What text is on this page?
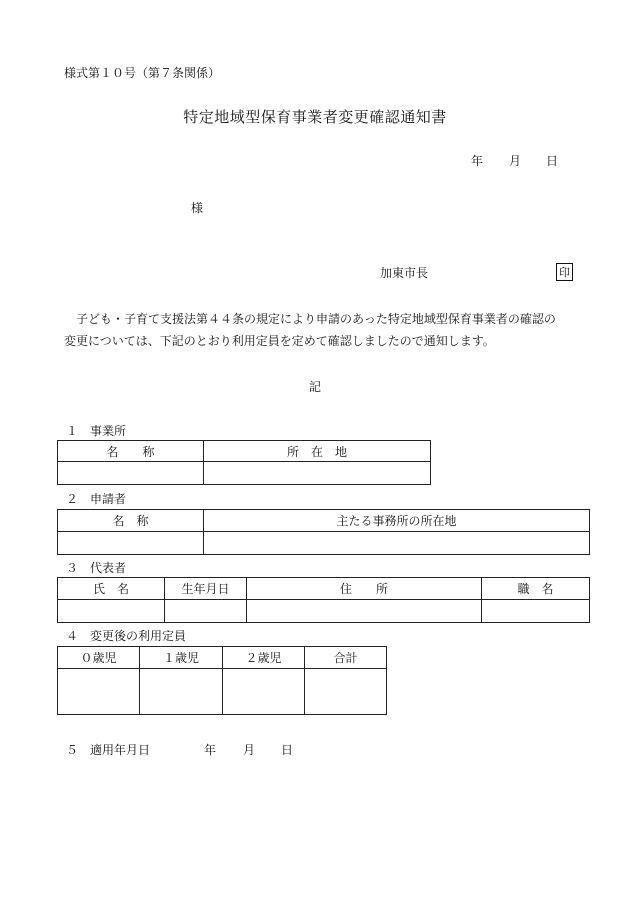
様式第１０号（第７条関係）
特定地域型保育事業者変更確認通知書
年 月 日
様
加東市長	印
子ども・子育て支援法第４４条の規定により申請のあった特定地域型保育事業者の確認の
変更については、下記のとおり利用定員を定めて確認しましたので通知します。
記
１　事業所
名　　称	所　在　地

２　申請者
名　称	主たる事務所の所在地

３　代表者
氏　名	生年月日	住　　所	職　名

４　変更後の利用定員
０歳児	１歳児	２歳児	合計

５　適用年月日	年 月 日
